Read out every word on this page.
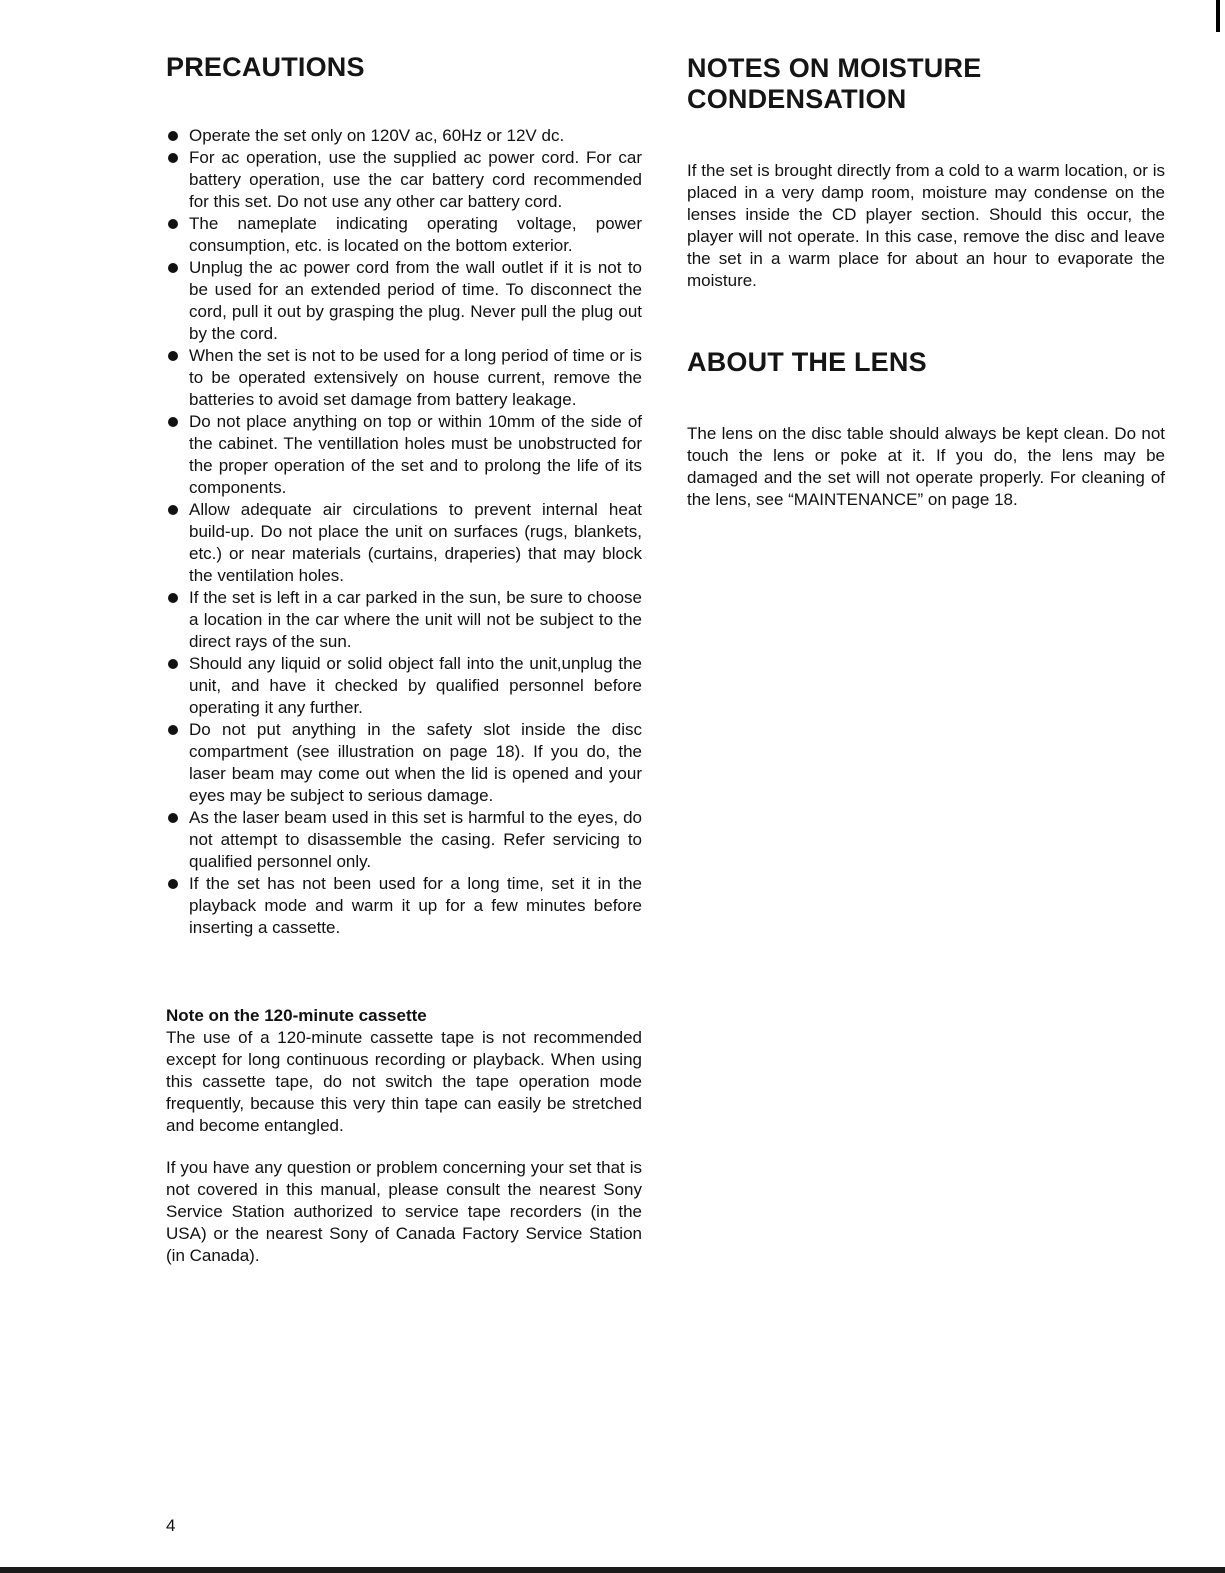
PRECAUTIONS
Operate the set only on 120V ac, 60Hz or 12V dc.
For ac operation, use the supplied ac power cord. For car battery operation, use the car battery cord recommended for this set. Do not use any other car battery cord.
The nameplate indicating operating voltage, power consumption, etc. is located on the bottom exterior.
Unplug the ac power cord from the wall outlet if it is not to be used for an extended period of time. To disconnect the cord, pull it out by grasping the plug. Never pull the plug out by the cord.
When the set is not to be used for a long period of time or is to be operated extensively on house current, remove the batteries to avoid set damage from battery leakage.
Do not place anything on top or within 10mm of the side of the cabinet. The ventillation holes must be unobstructed for the proper operation of the set and to prolong the life of its components.
Allow adequate air circulations to prevent internal heat build-up. Do not place the unit on surfaces (rugs, blankets, etc.) or near materials (curtains, draperies) that may block the ventilation holes.
If the set is left in a car parked in the sun, be sure to choose a location in the car where the unit will not be subject to the direct rays of the sun.
Should any liquid or solid object fall into the unit,unplug the unit, and have it checked by qualified personnel before operating it any further.
Do not put anything in the safety slot inside the disc compartment (see illustration on page 18). If you do, the laser beam may come out when the lid is opened and your eyes may be subject to serious damage.
As the laser beam used in this set is harmful to the eyes, do not attempt to disassemble the casing. Refer servicing to qualified personnel only.
If the set has not been used for a long time, set it in the playback mode and warm it up for a few minutes before inserting a cassette.

Note on the 120-minute cassette

The use of a 120-minute cassette tape is not recommended except for long continuous recording or playback. When using this cassette tape, do not switch the tape operation mode frequently, because this very thin tape can easily be stretched and become entangled.

If you have any question or problem concerning your set that is not covered in this manual, please consult the nearest Sony Service Station authorized to service tape recorders (in the USA) or the nearest Sony of Canada Factory Service Station (in Canada).

NOTES ON MOISTURE CONDENSATION

If the set is brought directly from a cold to a warm location, or is placed in a very damp room, moisture may condense on the lenses inside the CD player section. Should this occur, the player will not operate. In this case, remove the disc and leave the set in a warm place for about an hour to evaporate the moisture.

ABOUT THE LENS

The lens on the disc table should always be kept clean. Do not touch the lens or poke at it. If you do, the lens may be damaged and the set will not operate properly. For cleaning of the lens, see “MAINTENANCE” on page 18.

4
